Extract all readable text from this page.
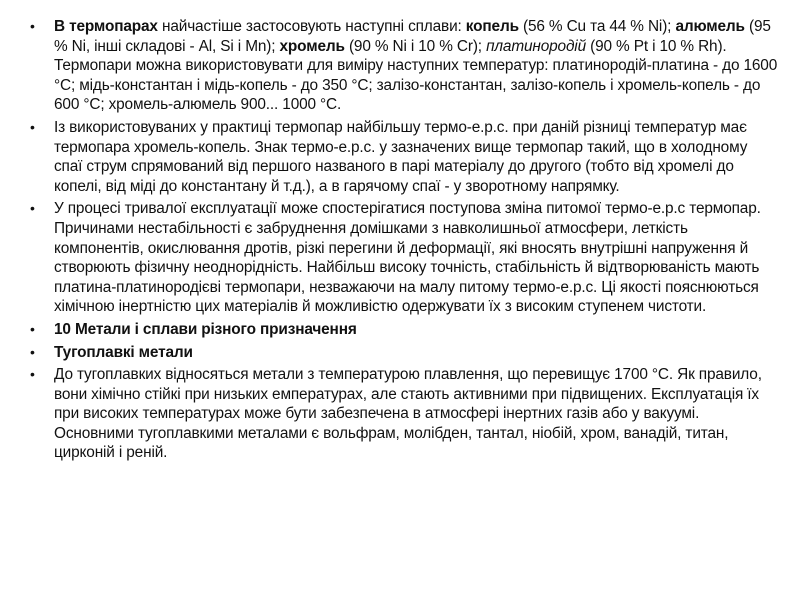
•	В термопарах найчастіше застосовують наступні сплави: копель (56 % Cu та 44 % Ni); алюмель (95 % Ni, інші складові - Al, Si і Mn); хромель (90 % Ni і 10 % Cr); платинородій (90 % Pt і 10 % Rh). Термопари можна використовувати для виміру наступних температур: платинородій-платина - до 1600 °С; мідь-константан і мідь-копель - до 350 °С; залізо-константан, залізо-копель і хромель-копель - до 600 °С; хромель-алюмель 900... 1000 °С.
•	Із використовуваних у практиці термопар найбільшу термо-е.р.с. при даній різниці температур має термопара хромель-копель. Знак термо-е.р.с. у зазначених вище термопар такий, що в холодному спаї струм спрямований від першого названого в парі матеріалу до другого (тобто від хромелі до копелі, від міді до константану й т.д.), а в гарячому спаї - у зворотному напрямку.
•	У процесі тривалої експлуатації може спостерігатися поступова зміна питомої термо-е.р.с термопар. Причинами нестабільності є забруднення домішками з навколишньої атмосфери, леткість компонентів, окислювання дротів, різкі перегини й деформації, які вносять внутрішні напруження й створюють фізичну неоднорідність. Найбільш високу точність, стабільність й відтворюваність мають платина-платинородієві термопари, незважаючи на малу питому термо-е.р.с. Ці якості пояснюються хімічною інертністю цих матеріалів й можливістю одержувати їх з високим ступенем чистоти.
•	10 Метали і сплави різного призначення
•	Тугоплавкі метали
•	До тугоплавких відносяться метали з температурою плавлення, що перевищує 1700 °С. Як правило, вони хімічно стійкі при низьких емпературах, але стають активними при підвищених. Експлуатація їх при високих температурах може бути забезпечена в атмосфері інертних газів або у вакуумі. Основними тугоплавкими металами є вольфрам, молібден, тантал, ніобій, хром, ванадій, титан, цирконій і реній.
